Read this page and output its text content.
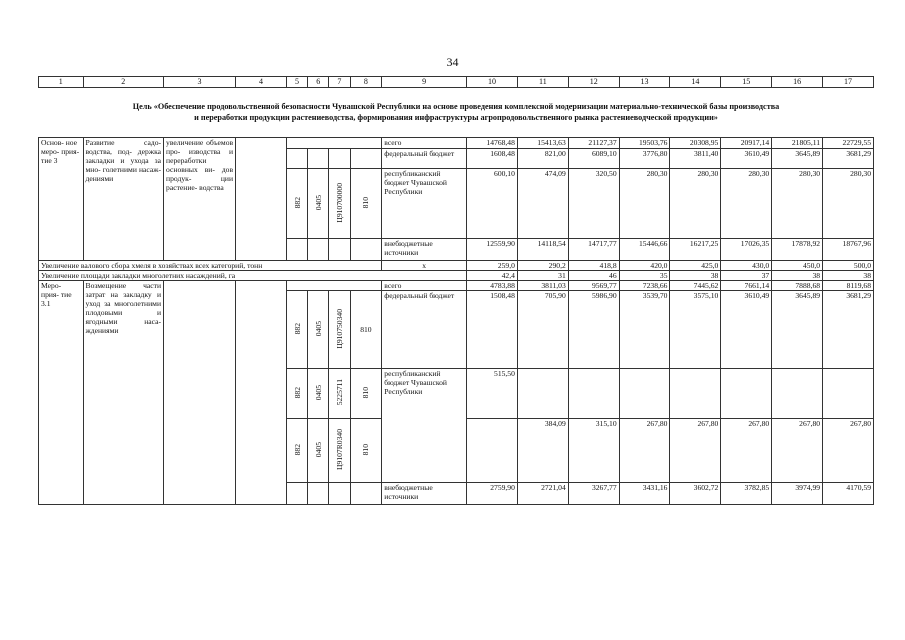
34
1	2	3	4	5	6	7	8	9	10	11	12	13	14	15	16	17
Цель «Обеспечение продовольственной безопасности Чувашской Республики на основе проведения комплексной модернизации материально-технической базы производства
и переработки продукции растениеводства, формирования инфраструктуры агропродовольственного рынка растениеводческой продукции»
Основ- ное меро- прия- тие 3	Развитие садо- водства, под- держка закладки и ухода за мно- голетними насаж- дениями	увеличение объемов про- изводства и переработки основных ви- дов продук- ции растение- водства						всего	14768,48	15413,63	21127,37	19503,76	20308,95	20917,14	21805,11	22729,55
								федеральный бюджет	1608,48	821,00	6089,10	3776,80	3811,40	3610,49	3645,89	3681,29
				882	0405	Ц910700000	810	республиканский бюджет Чувашской Республики	600,10	474,09	320,50	280,30	280,30	280,30	280,30	280,30
								внебюджетные источники	12559,90	14118,54	14717,77	15446,66	16217,25	17026,35	17878,92	18767,96
Увеличение валового сбора хмеля в хозяйствах всех категорий, тонн								x	259,0	290,2	418,8	420,0	425,0	430,0	450,0	500,0
Увеличение площади закладки многолетних насаждений, га									42,4	31	46	35	38	37	38	38
Меро- прия- тие 3.1	Возмещение части затрат на закладку и уход за многолетними плодовыми и ягодными наса- ждениями							всего	4783,88	3811,03	9569,77	7238,66	7445,62	7661,14	7888,68	8119,68
				882	0405	Ц910750340	810	федеральный бюджет	1508,48	705,90	5986,90	3539,70	3575,10	3610,49	3645,89	3681,29
				882	0405	5225711	810	республиканский бюджет Чувашской Республики	515,50							
				882	0405	Ц9107R0340	810			384,09	315,10	267,80	267,80	267,80	267,80	267,80
								внебюджетные источники	2759,90	2721,04	3267,77	3431,16	3602,72	3782,85	3974,99	4170,59
